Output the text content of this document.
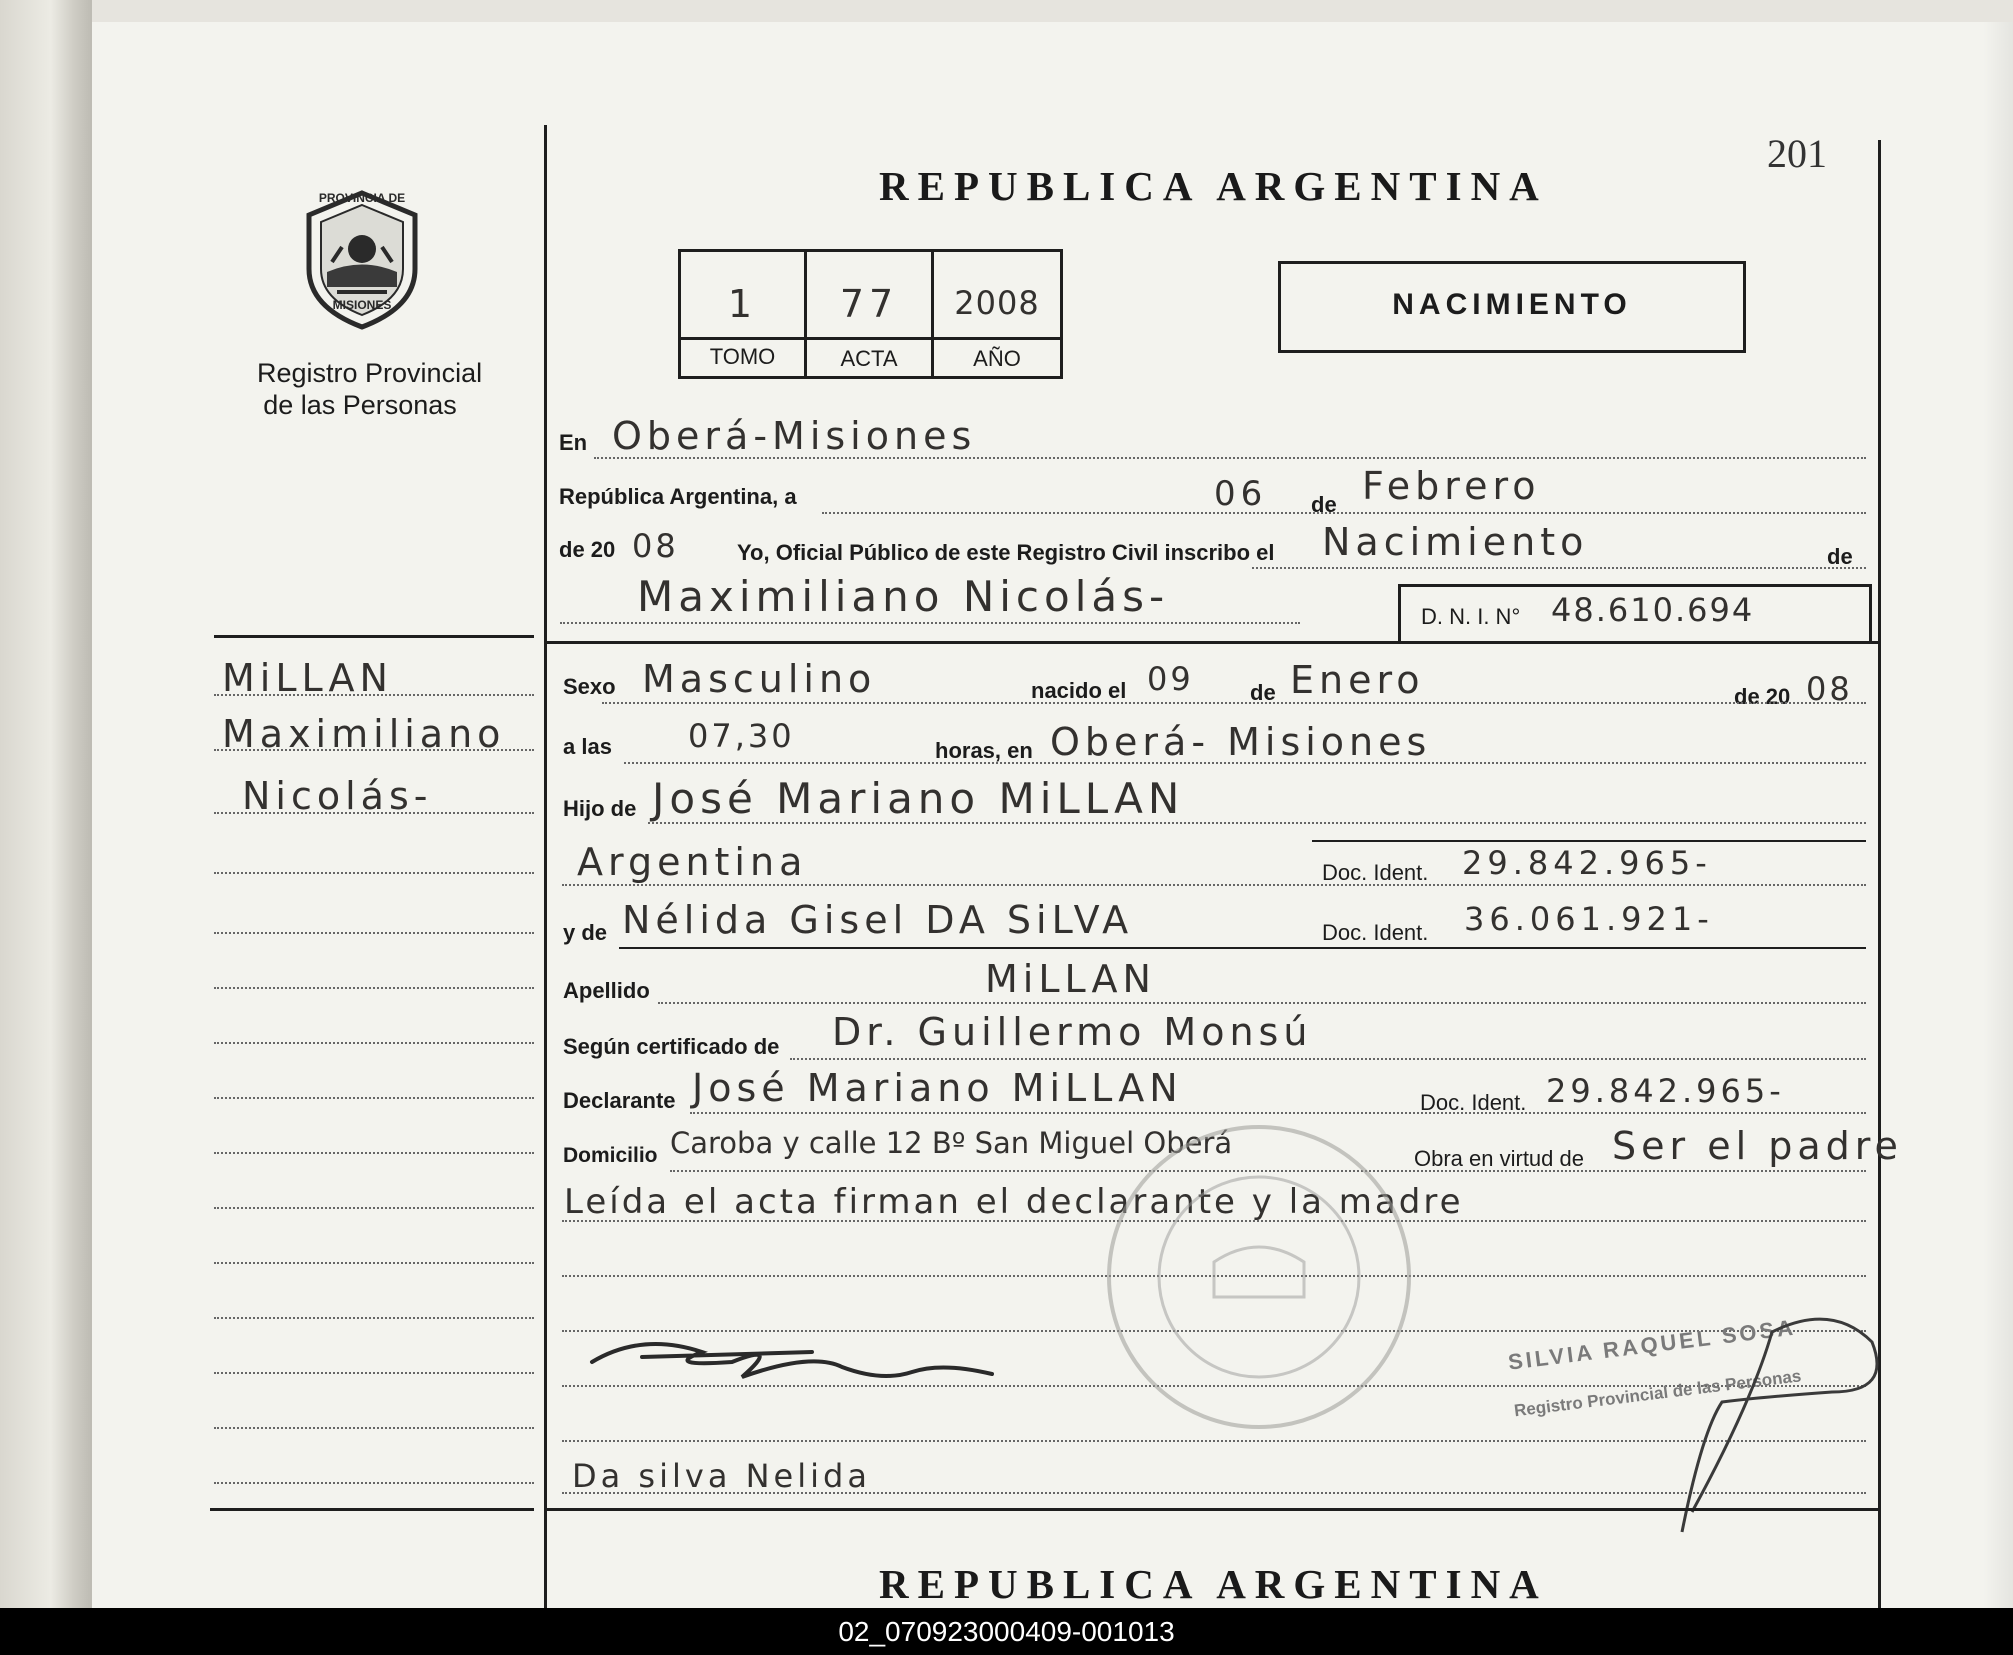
201
PROVINCIA DE
MISIONES
Registro Provincial
de las Personas
REPUBLICA ARGENTINA
1	77	2008
TOMO	ACTA	AÑO
NACIMIENTO
MiLLAN
Maximiliano
Nicolás-
En Oberá-Misiones
República Argentina, a	06 de Febrero
de 20 08	Yo, Oficial Público de este Registro Civil inscribo el Nacimiento	de
Maximiliano Nicolás-	D. N. I. N° 48.610.694
Sexo Masculino	nacido el 09	de Enero	de 20 08
a las 07,30	horas, en Oberá- Misiones
Hijo de José Mariano MiLLAN
Argentina	Doc. Ident. 29.842.965-
y de Nélida Gisel DA SiLVA	Doc. Ident. 36.061.921-
Apellido	MiLLAN
Según certificado de Dr. Guillermo Monsú
Declarante José Mariano MiLLAN	Doc. Ident. 29.842.965-
Domicilio Caroba y calle 12 Bº San Miguel Oberá	Obra en virtud de Ser el padre
Leída el acta firman el declarante y la madre
SILVIA RAQUEL SOSA
Registro Provincial de las Personas
Da silva Nelida
REPUBLICA ARGENTINA
02_070923000409-001013
